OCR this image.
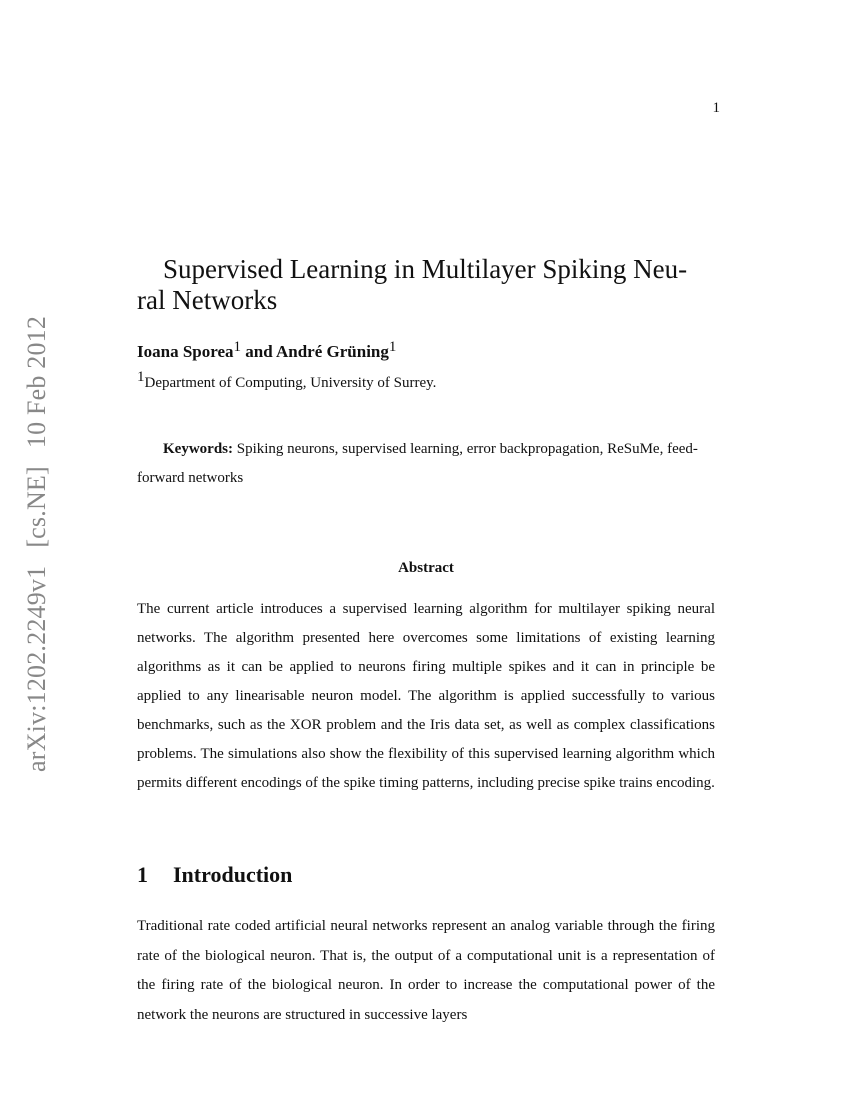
1
arXiv:1202.2249v1[cs.NE]10 Feb 2012
Supervised Learning in Multilayer Spiking Neu-
ral Networks
Ioana Sporea$^1$ and André Grüning$^1$
$^1$Department of Computing, University of Surrey.

Keywords: Spiking neurons, supervised learning, error backpropagation, ReSuMe, feed-forward networks

Abstract

The current article introduces a supervised learning algorithm for multilayer spiking neural networks. The algorithm presented here overcomes some limitations of existing learning algorithms as it can be applied to neurons firing multiple spikes and it can in principle be applied to any linearisable neuron model. The algorithm is applied successfully to various benchmarks, such as the XOR problem and the Iris data set, as well as complex classifications problems. The simulations also show the flexibility of this supervised learning algorithm which permits different encodings of the spike timing patterns, including precise spike trains encoding.

1 Introduction

Traditional rate coded artificial neural networks represent an analog variable through the firing rate of the biological neuron. That is, the output of a computational unit is a representation of the firing rate of the biological neuron. In order to increase the computational power of the network the neurons are structured in successive layers
